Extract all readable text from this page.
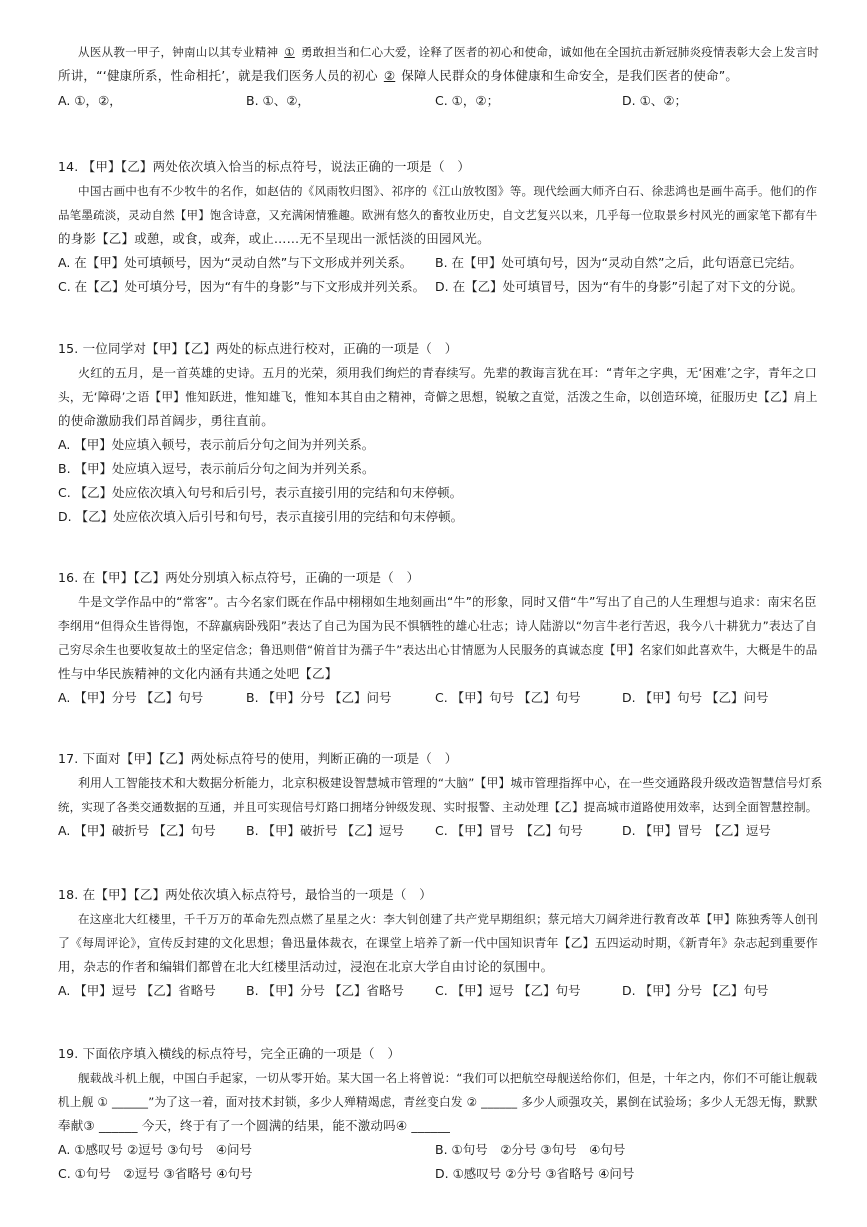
从医从教一甲子，钟南山以其专业精神 ① 勇敢担当和仁心大爱，诠释了医者的初心和使命，诚如他在全国抗击新冠肺炎疫情表彰大会上发言时
所讲，“‘健康所系，性命相托’，就是我们医务人员的初心 ② 保障人民群众的身体健康和生命安全，是我们医者的使命”。
A. ①，②，	B. ①、②，	C. ①，②；	D. ①、②；
14. 【甲】【乙】两处依次填入恰当的标点符号，说法正确的一项是（　）
中国古画中也有不少牧牛的名作，如赵佶的《风雨牧归图》、祁序的《江山放牧图》等。现代绘画大师齐白石、徐悲鸿也是画牛高手。他们的作
品笔墨疏淡，灵动自然【甲】饱含诗意，又充满闲情雅趣。欧洲有悠久的畜牧业历史，自文艺复兴以来，几乎每一位取景乡村风光的画家笔下都有牛
的身影【乙】或憩，或食，或奔，或止……无不呈现出一派恬淡的田园风光。
A. 在【甲】处可填顿号，因为“灵动自然”与下文形成并列关系。 B. 在【甲】处可填句号，因为“灵动自然”之后，此句语意已完结。
C. 在【乙】处可填分号，因为“有牛的身影”与下文形成并列关系。 D. 在【乙】处可填冒号，因为“有牛的身影”引起了对下文的分说。
15. 一位同学对【甲】【乙】两处的标点进行校对，正确的一项是（　）
火红的五月，是一首英雄的史诗。五月的光荣，须用我们绚烂的青春续写。先辈的教诲言犹在耳：“青年之字典，无‘困难’之字，青年之口
头，无‘障碍’之语【甲】惟知跃进，惟知雄飞，惟知本其自由之精神，奇僻之思想，锐敏之直觉，活泼之生命，以创造环境，征服历史【乙】肩上
的使命激励我们昂首阔步，勇往直前。
A. 【甲】处应填入顿号，表示前后分句之间为并列关系。
B. 【甲】处应填入逗号，表示前后分句之间为并列关系。
C. 【乙】处应依次填入句号和后引号，表示直接引用的完结和句末停顿。
D. 【乙】处应依次填入后引号和句号，表示直接引用的完结和句末停顿。
16. 在【甲】【乙】两处分别填入标点符号，正确的一项是（　）
牛是文学作品中的“常客”。古今名家们既在作品中栩栩如生地刻画出“牛”的形象，同时又借“牛”写出了自己的人生理想与追求：南宋名臣
李纲用“但得众生皆得饱，不辞羸病卧残阳”表达了自己为国为民不惧牺牲的雄心壮志；诗人陆游以“勿言牛老行苦迟，我今八十耕犹力”表达了自
己穷尽余生也要收复故土的坚定信念；鲁迅则借“俯首甘为孺子牛”表达出心甘情愿为人民服务的真诚态度【甲】名家们如此喜欢牛，大概是牛的品
性与中华民族精神的文化内涵有共通之处吧【乙】
A. 【甲】分号 【乙】句号	B. 【甲】分号 【乙】问号	C. 【甲】句号 【乙】句号	D. 【甲】句号 【乙】问号
17. 下面对【甲】【乙】两处标点符号的使用，判断正确的一项是（　）
利用人工智能技术和大数据分析能力，北京积极建设智慧城市管理的“大脑”【甲】城市管理指挥中心，在一些交通路段升级改造智慧信号灯系
统，实现了各类交通数据的互通，并且可实现信号灯路口拥堵分钟级发现、实时报警、主动处理【乙】提高城市道路使用效率，达到全面智慧控制。
A. 【甲】破折号 【乙】句号 B. 【甲】破折号 【乙】逗号 C. 【甲】冒号　【乙】句号	D. 【甲】冒号　【乙】逗号
18. 在【甲】【乙】两处依次填入标点符号，最恰当的一项是（　）
在这座北大红楼里，千千万万的革命先烈点燃了星星之火：李大钊创建了共产党早期组织；蔡元培大刀阔斧进行教育改革【甲】陈独秀等人创刊
了《每周评论》，宣传反封建的文化思想；鲁迅量体裁衣，在课堂上培养了新一代中国知识青年【乙】五四运动时期，《新青年》杂志起到重要作
用，杂志的作者和编辑们都曾在北大红楼里活动过，浸泡在北京大学自由讨论的氛围中。
A. 【甲】逗号 【乙】省略号 B. 【甲】分号 【乙】省略号 C. 【甲】逗号 【乙】句号	D. 【甲】分号 【乙】句号
19. 下面依序填入横线的标点符号，完全正确的一项是（　）
舰载战斗机上舰，中国白手起家，一切从零开始。某大国一名上将曾说：“我们可以把航空母舰送给你们，但是，十年之内，你们不可能让舰载
机上舰 ① ______”为了这一着，面对技术封锁，多少人殚精竭虑，青丝变白发 ② ______ 多少人顽强攻关，累倒在试验场；多少人无怨无悔，默默
奉献③ ______ 今天，终于有了一个圆满的结果，能不激动吗④ ______
A. ①感叹号 ②逗号 ③句号　④问号	B. ①句号　②分号 ③句号　④句号
C. ①句号　②逗号 ③省略号 ④句号	D. ①感叹号 ②分号 ③省略号 ④问号
